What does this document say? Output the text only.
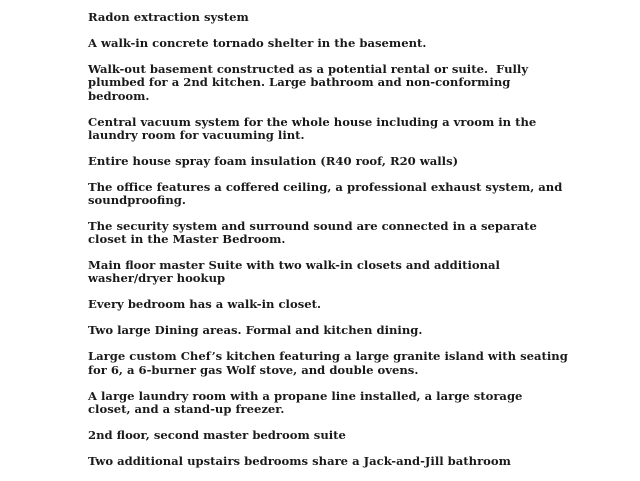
Radon extraction system

A walk-in concrete tornado shelter in the basement.

Walk-out basement constructed as a potential rental or suite.  Fully plumbed for a 2nd kitchen. Large bathroom and non-conforming bedroom.

Central vacuum system for the whole house including a vroom in the laundry room for vacuuming lint.

Entire house spray foam insulation (R40 roof, R20 walls)

The office features a coffered ceiling, a professional exhaust system, and soundproofing.

The security system and surround sound are connected in a separate closet in the Master Bedroom.

Main floor master Suite with two walk-in closets and additional washer/dryer hookup

Every bedroom has a walk-in closet.

Two large Dining areas. Formal and kitchen dining.

Large custom Chef’s kitchen featuring a large granite island with seating for 6, a 6-burner gas Wolf stove, and double ovens.

A large laundry room with a propane line installed, a large storage closet, and a stand-up freezer.

2nd floor, second master bedroom suite

Two additional upstairs bedrooms share a Jack-and-Jill bathroom
